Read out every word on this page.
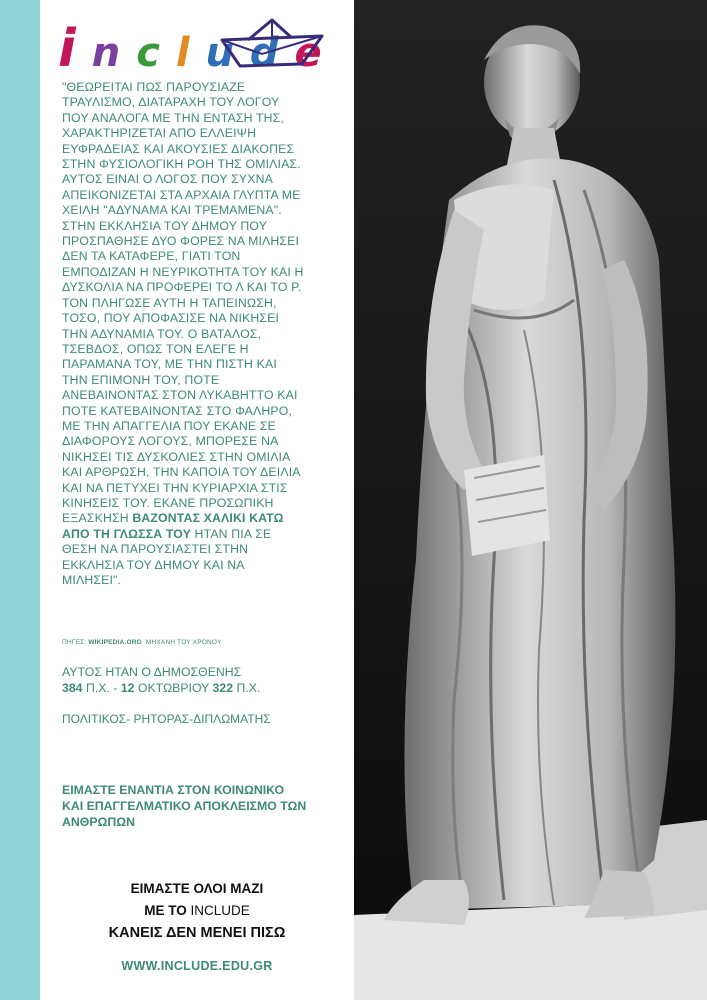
i n c l u d e
"ΘΕΩΡΕΙΤΑΙ ΠΩΣ ΠΑΡΟΥΣΙΑΖΕ
ΤΡΑΥΛΙΣΜΟ, ΔΙΑΤΑΡΑΧΗ ΤΟΥ ΛΟΓΟΥ
ΠΟΥ ΑΝΑΛΟΓΑ ΜΕ ΤΗΝ ΕΝΤΑΣΗ ΤΗΣ,
ΧΑΡΑΚΤΗΡΙΖΕΤΑΙ ΑΠΟ ΕΛΛΕΙΨΗ
ΕΥΦΡΑΔΕΙΑΣ ΚΑΙ ΑΚΟΥΣΙΕΣ ΔΙΑΚΟΠΕΣ
ΣΤΗΝ ΦΥΣΙΟΛΟΓΙΚΗ ΡΟΗ ΤΗΣ ΟΜΙΛΙΑΣ.
ΑΥΤΟΣ ΕΙΝΑΙ Ο ΛΟΓΟΣ ΠΟΥ ΣΥΧΝΑ
ΑΠΕΙΚΟΝΙΖΕΤΑΙ ΣΤΑ ΑΡΧΑΙΑ ΓΛΥΠΤΑ ΜΕ
ΧΕΙΛΗ "ΑΔΥΝΑΜΑ ΚΑΙ ΤΡΕΜΑΜΕΝΑ".
ΣΤΗΝ ΕΚΚΛΗΣΙΑ ΤΟΥ ΔΗΜΟΥ ΠΟΥ
ΠΡΟΣΠΑΘΗΣΕ ΔΥΟ ΦΟΡΕΣ ΝΑ ΜΙΛΗΣΕΙ
ΔΕΝ ΤΑ ΚΑΤΑΦΕΡΕ, ΓΙΑΤΙ ΤΟΝ
ΕΜΠΟΔΙΖΑΝ Η ΝΕΥΡΙΚΟΤΗΤΑ ΤΟΥ ΚΑΙ Η
ΔΥΣΚΟΛΙΑ ΝΑ ΠΡΟΦΕΡΕΙ ΤΟ Λ ΚΑΙ ΤΟ Ρ.
ΤΟΝ ΠΛΗΓΩΣΕ ΑΥΤΗ Η ΤΑΠΕΙΝΩΣΗ,
ΤΟΣΟ, ΠΟΥ ΑΠΟΦΑΣΙΣΕ ΝΑ ΝΙΚΗΣΕΙ
ΤΗΝ ΑΔΥΝΑΜΙΑ ΤΟΥ. Ο ΒΑΤΑΛΟΣ,
ΤΣΕΒΔΟΣ, ΟΠΩΣ ΤΟΝ ΕΛΕΓΕ Η
ΠΑΡΑΜΑΝΑ ΤΟΥ, ΜΕ ΤΗΝ ΠΙΣΤΗ ΚΑΙ
ΤΗΝ ΕΠΙΜΟΝΗ ΤΟΥ, ΠΟΤΕ
ΑΝΕΒΑΙΝΟΝΤΑΣ ΣΤΟΝ ΛΥΚΑΒΗΤΤΟ ΚΑΙ
ΠΟΤΕ ΚΑΤΕΒΑΙΝΟΝΤΑΣ ΣΤΟ ΦΑΛΗΡΟ,
ΜΕ ΤΗΝ ΑΠΑΓΓΕΛΙΑ ΠΟΥ ΕΚΑΝΕ ΣΕ
ΔΙΑΦΟΡΟΥΣ ΛΟΓΟΥΣ, ΜΠΟΡΕΣΕ ΝΑ
ΝΙΚΗΣΕΙ ΤΙΣ ΔΥΣΚΟΛΙΕΣ ΣΤΗΝ ΟΜΙΛΙΑ
ΚΑΙ ΑΡΘΡΩΣΗ, ΤΗΝ ΚΑΠΟΙΑ ΤΟΥ ΔΕΙΛΙΑ
ΚΑΙ ΝΑ ΠΕΤΥΧΕΙ ΤΗΝ ΚΥΡΙΑΡΧΙΑ ΣΤΙΣ
ΚΙΝΗΣΕΙΣ ΤΟΥ. ΕΚΑΝΕ ΠΡΟΣΩΠΙΚΗ
ΕΞΑΣΚΗΣΗ ΒΑΖΟΝΤΑΣ ΧΑΛΙΚΙ ΚΑΤΩ
ΑΠΟ ΤΗ ΓΛΩΣΣΑ ΤΟΥ ΗΤΑΝ ΠΙΑ ΣΕ
ΘΕΣΗ ΝΑ ΠΑΡΟΥΣΙΑΣΤΕΙ ΣΤΗΝ
ΕΚΚΛΗΣΙΑ ΤΟΥ ΔΗΜΟΥ ΚΑΙ ΝΑ
ΜΙΛΗΣΕΙ".
ΠΗΓΕΣ: WIKIPEDIA.ORG ΜΗΧΑΝΗ ΤΟΥ ΧΡΟΝΟΥ
ΑΥΤΟΣ ΗΤΑΝ Ο ΔΗΜΟΣΘΕΝΗΣ
384 Π.Χ. - 12 ΟΚΤΩΒΡΙΟΥ 322 Π.Χ.
ΠΟΛΙΤΙΚΟΣ- ΡΗΤΟΡΑΣ-ΔΙΠΛΩΜΑΤΗΣ
ΕΙΜΑΣΤΕ ΕΝΑΝΤΙΑ ΣΤΟΝ ΚΟΙΝΩΝΙΚΟ
ΚΑΙ ΕΠΑΓΓΕΛΜΑΤΙΚΟ ΑΠΟΚΛΕΙΣΜΟ ΤΩΝ
ΑΝΘΡΩΠΩΝ
ΕΙΜΑΣΤΕ ΟΛΟΙ ΜΑΖΙ
ΜΕ ΤΟ INCLUDE
ΚΑΝΕΙΣ ΔΕΝ ΜΕΝΕΙ ΠΙΣΩ
WWW.INCLUDE.EDU.GR
